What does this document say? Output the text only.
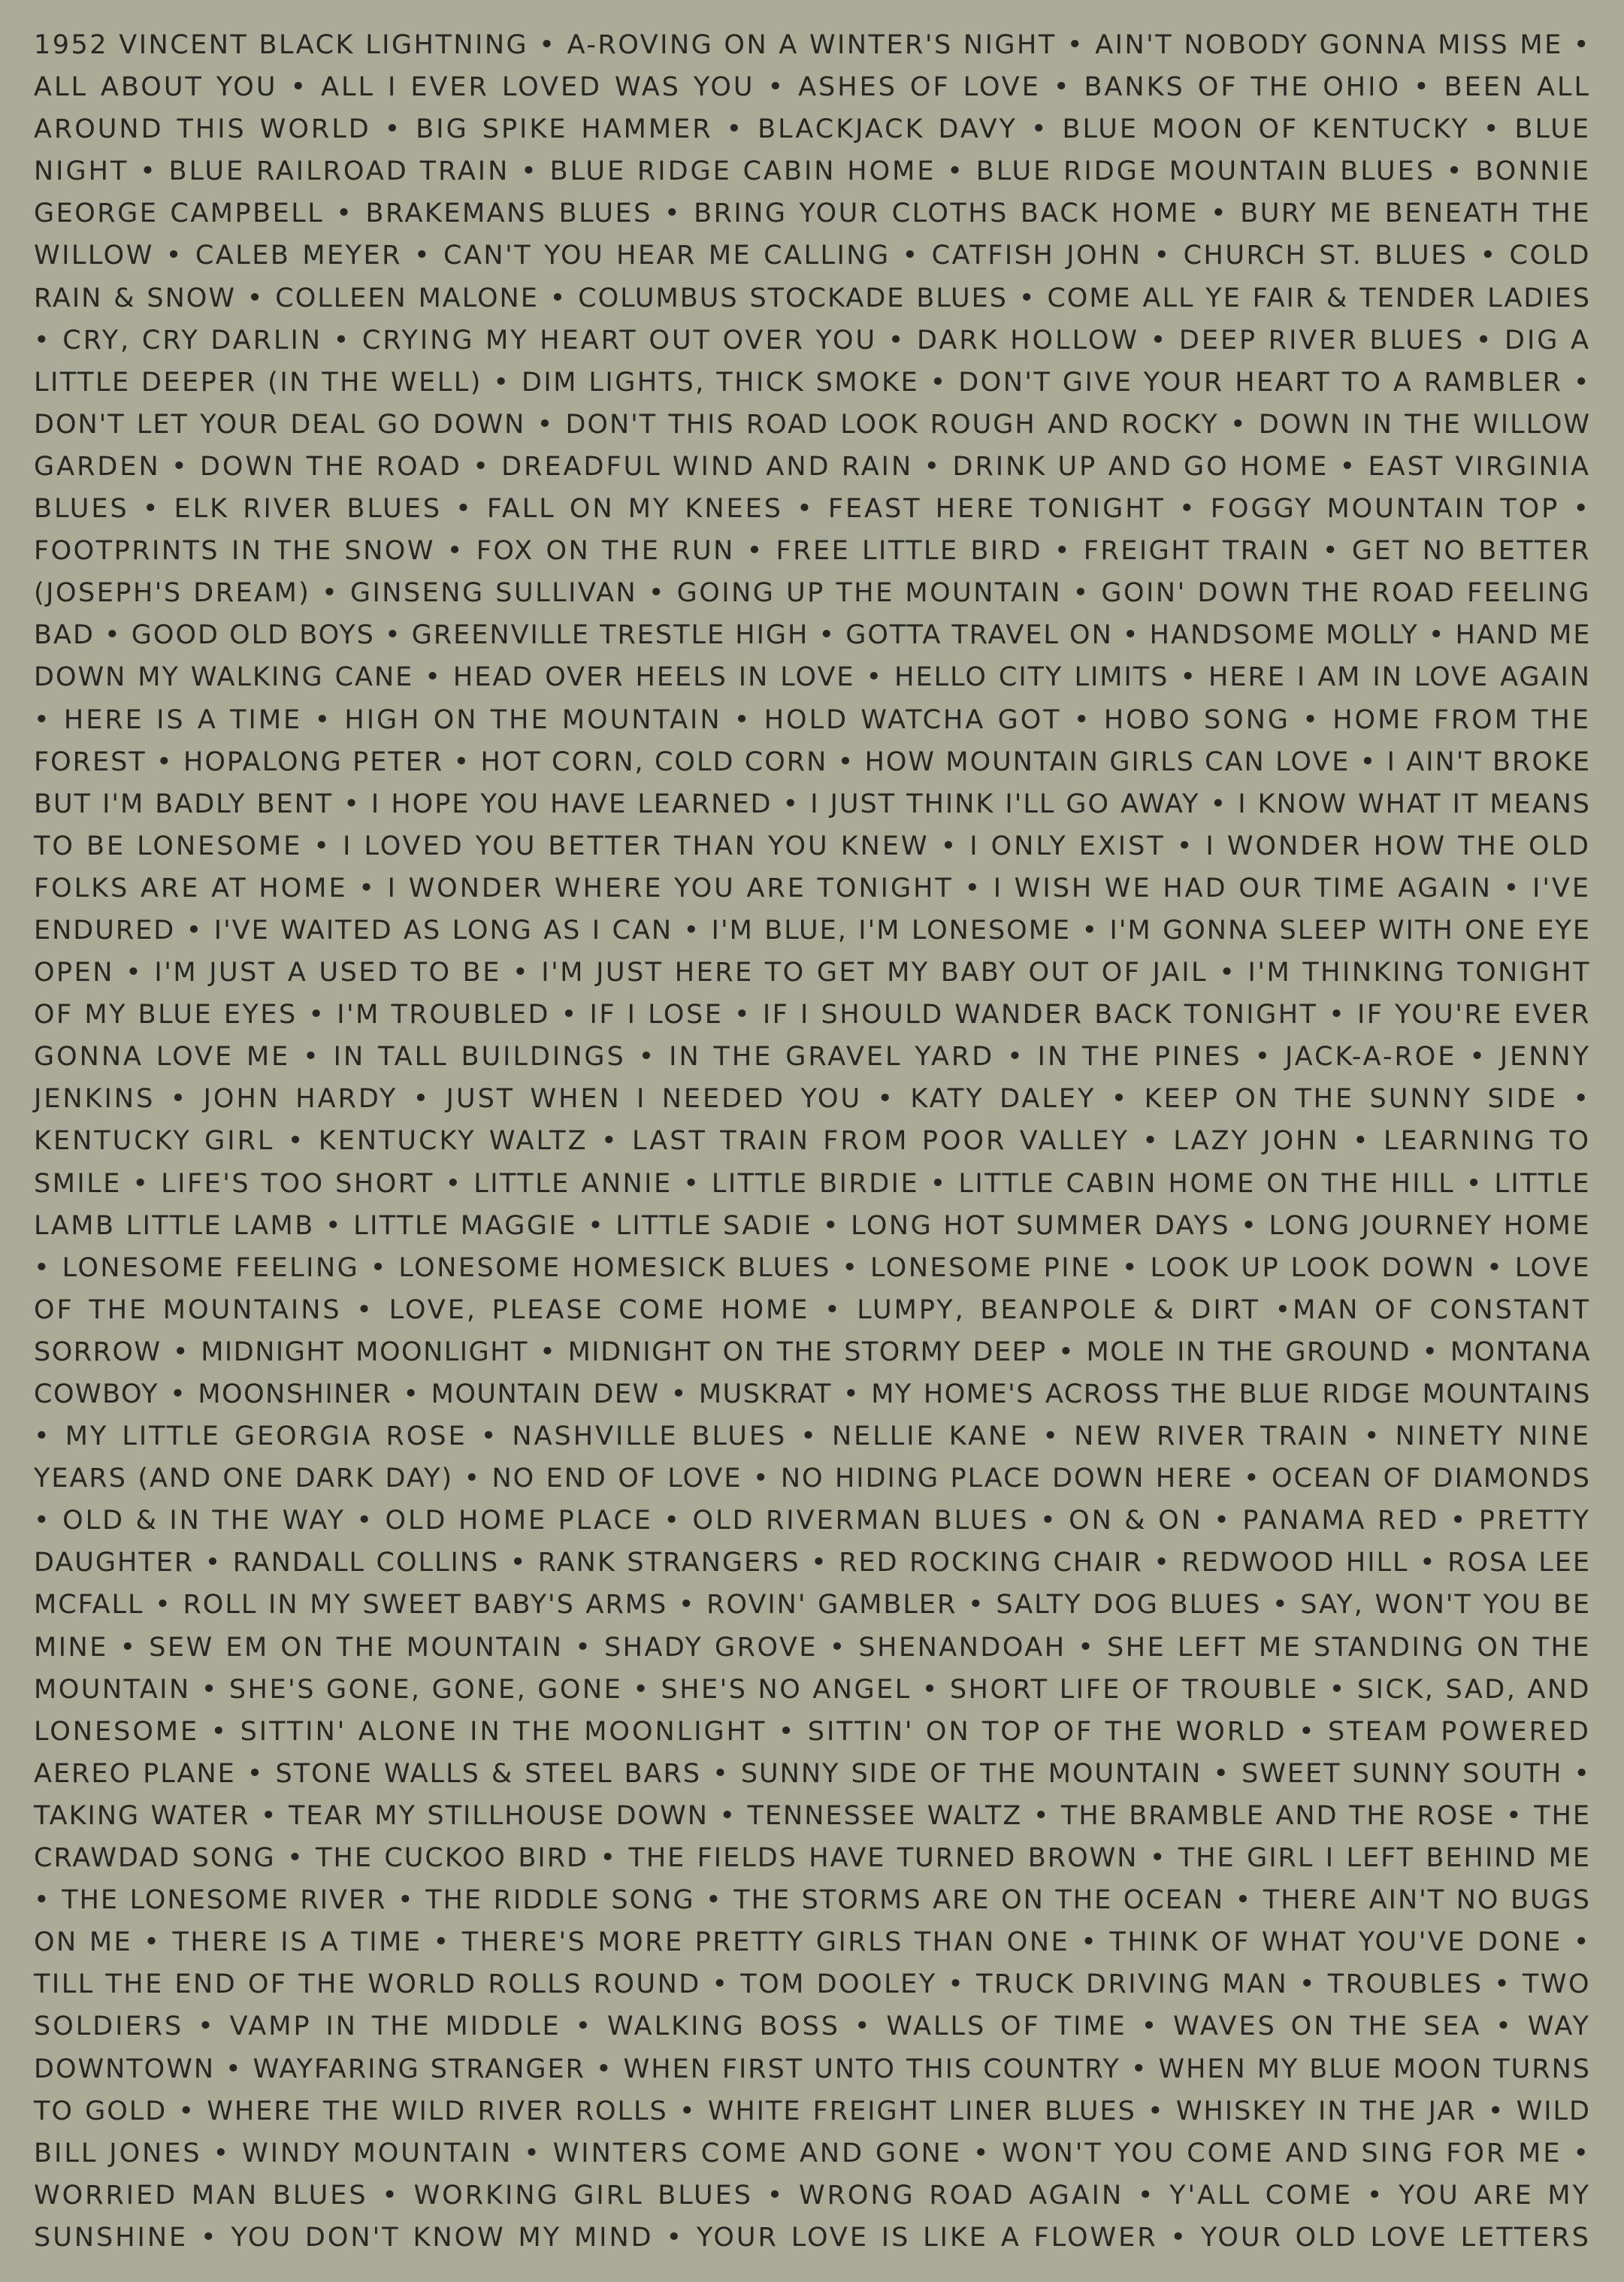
1952 VINCENT BLACK LIGHTNING • A-ROVING ON A WINTER'S NIGHT • AIN'T NOBODY GONNA MISS ME •
ALL ABOUT YOU • ALL I EVER LOVED WAS YOU • ASHES OF LOVE • BANKS OF THE OHIO • BEEN ALL
AROUND THIS WORLD • BIG SPIKE HAMMER • BLACKJACK DAVY • BLUE MOON OF KENTUCKY • BLUE
NIGHT • BLUE RAILROAD TRAIN • BLUE RIDGE CABIN HOME • BLUE RIDGE MOUNTAIN BLUES • BONNIE
GEORGE CAMPBELL • BRAKEMANS BLUES • BRING YOUR CLOTHS BACK HOME • BURY ME BENEATH THE
WILLOW • CALEB MEYER • CAN'T YOU HEAR ME CALLING • CATFISH JOHN • CHURCH ST. BLUES • COLD
RAIN & SNOW • COLLEEN MALONE • COLUMBUS STOCKADE BLUES • COME ALL YE FAIR & TENDER LADIES
• CRY, CRY DARLIN • CRYING MY HEART OUT OVER YOU • DARK HOLLOW • DEEP RIVER BLUES • DIG A
LITTLE DEEPER (IN THE WELL) • DIM LIGHTS, THICK SMOKE • DON'T GIVE YOUR HEART TO A RAMBLER •
DON'T LET YOUR DEAL GO DOWN • DON'T THIS ROAD LOOK ROUGH AND ROCKY • DOWN IN THE WILLOW
GARDEN • DOWN THE ROAD • DREADFUL WIND AND RAIN • DRINK UP AND GO HOME • EAST VIRGINIA
BLUES • ELK RIVER BLUES • FALL ON MY KNEES • FEAST HERE TONIGHT • FOGGY MOUNTAIN TOP •
FOOTPRINTS IN THE SNOW • FOX ON THE RUN • FREE LITTLE BIRD • FREIGHT TRAIN • GET NO BETTER
(JOSEPH'S DREAM) • GINSENG SULLIVAN • GOING UP THE MOUNTAIN • GOIN' DOWN THE ROAD FEELING
BAD • GOOD OLD BOYS • GREENVILLE TRESTLE HIGH • GOTTA TRAVEL ON • HANDSOME MOLLY • HAND ME
DOWN MY WALKING CANE • HEAD OVER HEELS IN LOVE • HELLO CITY LIMITS • HERE I AM IN LOVE AGAIN
• HERE IS A TIME • HIGH ON THE MOUNTAIN • HOLD WATCHA GOT • HOBO SONG • HOME FROM THE
FOREST • HOPALONG PETER • HOT CORN, COLD CORN • HOW MOUNTAIN GIRLS CAN LOVE • I AIN'T BROKE
BUT I'M BADLY BENT • I HOPE YOU HAVE LEARNED • I JUST THINK I'LL GO AWAY • I KNOW WHAT IT MEANS
TO BE LONESOME • I LOVED YOU BETTER THAN YOU KNEW • I ONLY EXIST • I WONDER HOW THE OLD
FOLKS ARE AT HOME • I WONDER WHERE YOU ARE TONIGHT • I WISH WE HAD OUR TIME AGAIN • I'VE
ENDURED • I'VE WAITED AS LONG AS I CAN • I'M BLUE, I'M LONESOME • I'M GONNA SLEEP WITH ONE EYE
OPEN • I'M JUST A USED TO BE • I'M JUST HERE TO GET MY BABY OUT OF JAIL • I'M THINKING TONIGHT
OF MY BLUE EYES • I'M TROUBLED • IF I LOSE • IF I SHOULD WANDER BACK TONIGHT • IF YOU'RE EVER
GONNA LOVE ME • IN TALL BUILDINGS • IN THE GRAVEL YARD • IN THE PINES • JACK-A-ROE • JENNY
JENKINS • JOHN HARDY • JUST WHEN I NEEDED YOU • KATY DALEY • KEEP ON THE SUNNY SIDE •
KENTUCKY GIRL • KENTUCKY WALTZ • LAST TRAIN FROM POOR VALLEY • LAZY JOHN • LEARNING TO
SMILE • LIFE'S TOO SHORT • LITTLE ANNIE • LITTLE BIRDIE • LITTLE CABIN HOME ON THE HILL • LITTLE
LAMB LITTLE LAMB • LITTLE MAGGIE • LITTLE SADIE • LONG HOT SUMMER DAYS • LONG JOURNEY HOME
• LONESOME FEELING • LONESOME HOMESICK BLUES • LONESOME PINE • LOOK UP LOOK DOWN • LOVE
OF THE MOUNTAINS • LOVE, PLEASE COME HOME • LUMPY, BEANPOLE & DIRT •MAN OF CONSTANT
SORROW • MIDNIGHT MOONLIGHT • MIDNIGHT ON THE STORMY DEEP • MOLE IN THE GROUND • MONTANA
COWBOY • MOONSHINER • MOUNTAIN DEW • MUSKRAT • MY HOME'S ACROSS THE BLUE RIDGE MOUNTAINS
• MY LITTLE GEORGIA ROSE • NASHVILLE BLUES • NELLIE KANE • NEW RIVER TRAIN • NINETY NINE
YEARS (AND ONE DARK DAY) • NO END OF LOVE • NO HIDING PLACE DOWN HERE • OCEAN OF DIAMONDS
• OLD & IN THE WAY • OLD HOME PLACE • OLD RIVERMAN BLUES • ON & ON • PANAMA RED • PRETTY
DAUGHTER • RANDALL COLLINS • RANK STRANGERS • RED ROCKING CHAIR • REDWOOD HILL • ROSA LEE
MCFALL • ROLL IN MY SWEET BABY'S ARMS • ROVIN' GAMBLER • SALTY DOG BLUES • SAY, WON'T YOU BE
MINE • SEW EM ON THE MOUNTAIN • SHADY GROVE • SHENANDOAH • SHE LEFT ME STANDING ON THE
MOUNTAIN • SHE'S GONE, GONE, GONE • SHE'S NO ANGEL • SHORT LIFE OF TROUBLE • SICK, SAD, AND
LONESOME • SITTIN' ALONE IN THE MOONLIGHT • SITTIN' ON TOP OF THE WORLD • STEAM POWERED
AEREO PLANE • STONE WALLS & STEEL BARS • SUNNY SIDE OF THE MOUNTAIN • SWEET SUNNY SOUTH •
TAKING WATER • TEAR MY STILLHOUSE DOWN • TENNESSEE WALTZ • THE BRAMBLE AND THE ROSE • THE
CRAWDAD SONG • THE CUCKOO BIRD • THE FIELDS HAVE TURNED BROWN • THE GIRL I LEFT BEHIND ME
• THE LONESOME RIVER • THE RIDDLE SONG • THE STORMS ARE ON THE OCEAN • THERE AIN'T NO BUGS
ON ME • THERE IS A TIME • THERE'S MORE PRETTY GIRLS THAN ONE • THINK OF WHAT YOU'VE DONE •
TILL THE END OF THE WORLD ROLLS ROUND • TOM DOOLEY • TRUCK DRIVING MAN • TROUBLES • TWO
SOLDIERS • VAMP IN THE MIDDLE • WALKING BOSS • WALLS OF TIME • WAVES ON THE SEA • WAY
DOWNTOWN • WAYFARING STRANGER • WHEN FIRST UNTO THIS COUNTRY • WHEN MY BLUE MOON TURNS
TO GOLD • WHERE THE WILD RIVER ROLLS • WHITE FREIGHT LINER BLUES • WHISKEY IN THE JAR • WILD
BILL JONES • WINDY MOUNTAIN • WINTERS COME AND GONE • WON'T YOU COME AND SING FOR ME •
WORRIED MAN BLUES • WORKING GIRL BLUES • WRONG ROAD AGAIN • Y'ALL COME • YOU ARE MY
SUNSHINE • YOU DON'T KNOW MY MIND • YOUR LOVE IS LIKE A FLOWER • YOUR OLD LOVE LETTERS
